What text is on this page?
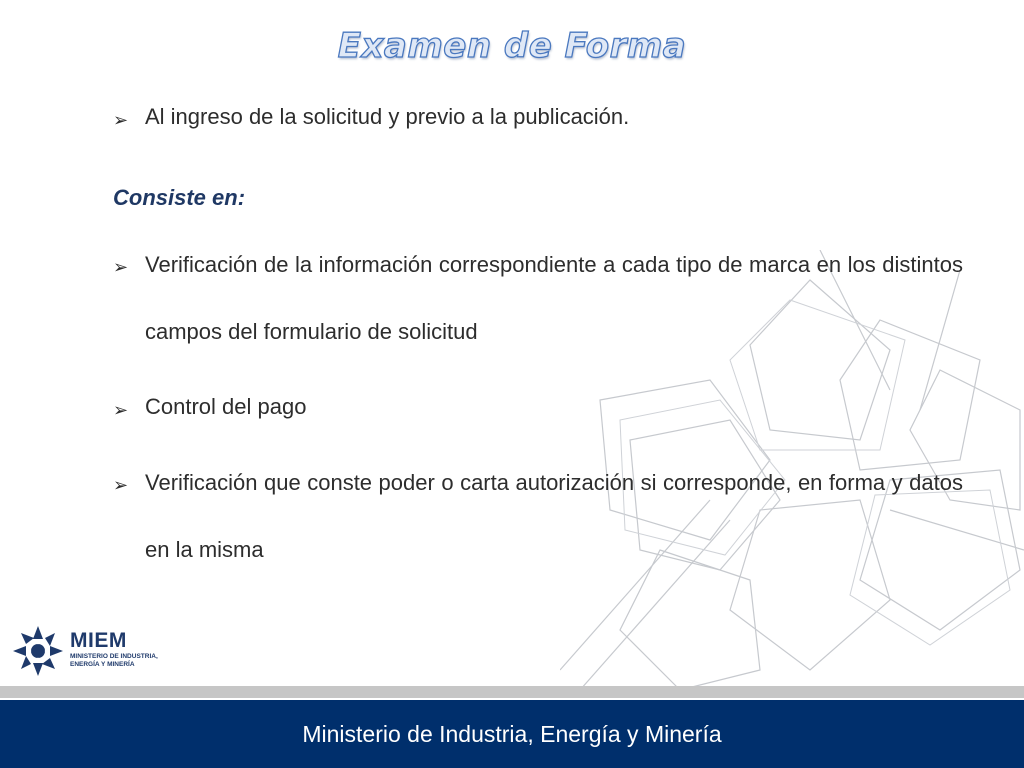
Examen de Forma
➢ Al ingreso de la solicitud y previo a la publicación.
Consiste en:
➢ Verificación de la información correspondiente a cada tipo de marca en los distintos campos del formulario de solicitud
➢ Control del pago
➢ Verificación que conste poder o carta autorización si corresponde, en forma y datos en la misma
MIEM
MINISTERIO DE INDUSTRIA, ENERGÍA Y MINERÍA
Ministerio de Industria, Energía y Minería
